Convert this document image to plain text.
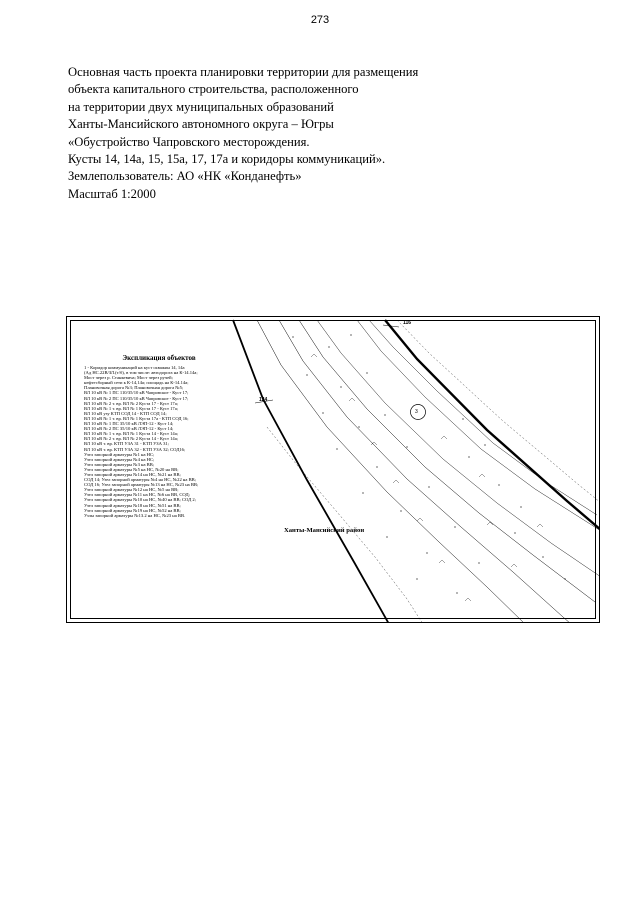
273
Основная часть проекта планировки территории для размещения
объекта капитального строительства, расположенного
на территории двух муниципальных образований
Ханты-Мансийского автономного округа – Югры
«Обустройство Чапровского месторождения.
Кусты 14, 14а, 15, 15а, 17, 17а и коридоры коммуникаций».
Землепользователь: АО «НК «Конданефть»
Масштаб 1:2000
116
124
3
Экспликация объектов
1 - Коридор коммуникаций на куст скважин 14, 14а
(Ад НС.22В/ЗЛ.(т/б), в том числе: автодорога на К-14.14а;
Мост через р. Станкевича; Мост через ручей;
нефтесборный сети к К-14,14а; площадь на К-14.14а;
Плановочная дорога №3; Плановочная дорога №5;
ВЛ 10 кВ № 1 ПС 110/35/10 кВ Чапровское - Куст 17;
ВЛ 10 кВ № 2 ПС 110/35/10 кВ Чапровское - Куст 17;
ВЛ 10 кВ № 2 т. вр. ВЛ № 2 Куста 17 - Куст 17а;
ВЛ 10 кВ № 1 т. вр. ВЛ № 1 Куста 17 - Куст 17а;
ВЛ 10 кВ узу КТП СОД 14 - КТП СОД 14;
ВЛ 10 кВ № 1 т. вр. ВЛ № 1 Куста 17а - КТП СОД 16;
ВЛ 10 кВ № 1 ПС 35/10 кВ ЛЭП-12 - Куст 14;
ВЛ 10 кВ № 2 ПС 35/10 кВ ЛЭП-12 - Куст 14;
ВЛ 10 кВ № 1 т. вр. ВЛ № 1 Куста 14 - Куст 14а;
ВЛ 10 кВ № 2 т. вр. ВЛ № 2 Куста 14 - Куст 14а;
ВЛ 10 кВ т. вр. КТП УЗА 31 - КТП УЗА 31;
ВЛ 10 кВ т. вр. КТП УЗА 32 - КТП УЗА 32; СОД16;
Узел запорной арматуры №1 на НС;
Узел запорной арматуры №4 на НС;
Узел запорной арматуры №3 на ВВ;
Узел запорной арматуры №5 на НС, №20 на ВВ;
Узел запорной арматуры №14 на НС, №21 на ВВ;
СОД 14; Узел запорной арматуры №4 на НС, №22 на ВВ;
СОД 16; Узел запорной арматуры №13 на НС, №23 на ВВ;
Узел запорной арматуры №12 на НС, №5 на ВВ;
Узел запорной арматуры №11 на НС, №6 на ВВ, СОД;
Узел запорной арматуры №10 на НС, №40 на ВВ; СОД 2;
Узел запорной арматуры №18 на НС, №51 на ВВ;
Узел запорной арматуры №19 на НС, №52 на ВВ;
Узлы запорной арматуры №13.2 на НС, №23 на ВВ.
Ханты-Мансийский район
